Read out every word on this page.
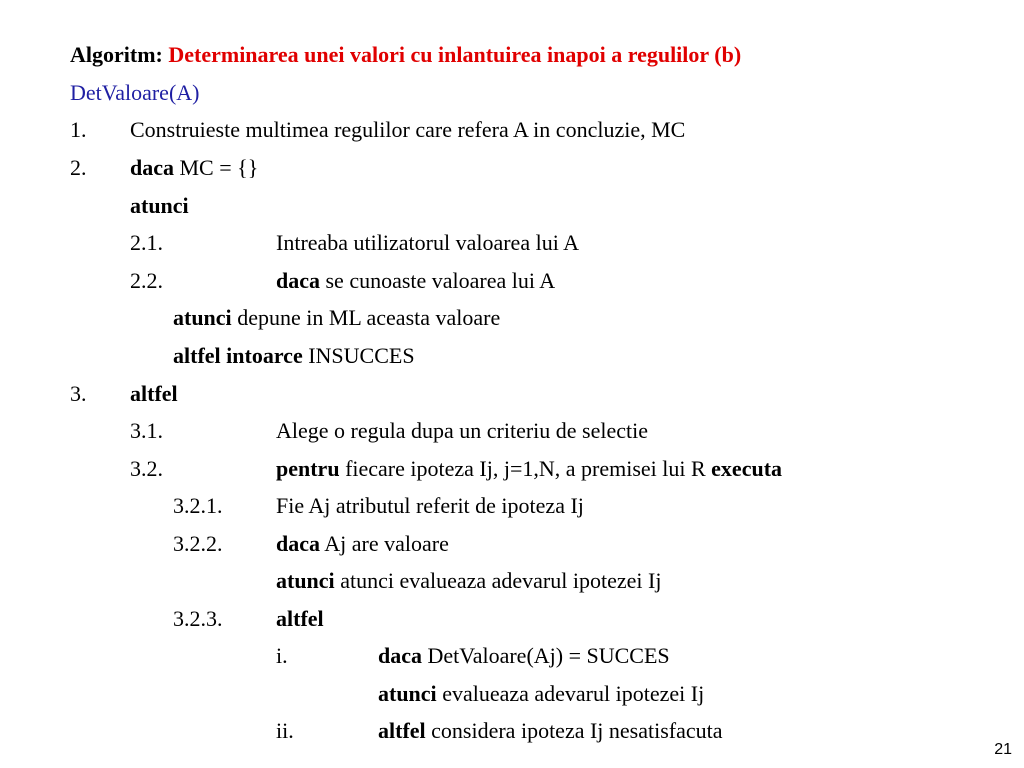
Algoritm: Determinarea unei valori cu inlantuirea inapoi a regulilor (b)
DetValoare(A)
1. Construieste multimea regulilor care refera A in concluzie, MC
2. daca MC = {}
atunci
2.1.	Intreaba utilizatorul valoarea lui A
2.2.	daca se cunoaste valoarea lui A
atunci depune in ML aceasta valoare
altfel intoarce INSUCCES
3. altfel
3.1.	Alege o regula dupa un criteriu de selectie
3.2.	pentru fiecare ipoteza Ij, j=1,N, a premisei lui R executa
3.2.1. Fie Aj atributul referit de ipoteza Ij
3.2.2. daca Aj are valoare
atunci atunci evalueaza adevarul ipotezei Ij
3.2.3. altfel
i.	daca DetValoare(Aj) = SUCCES
atunci evalueaza adevarul ipotezei Ij
ii.	altfel considera ipoteza Ij nesatisfacuta
21
